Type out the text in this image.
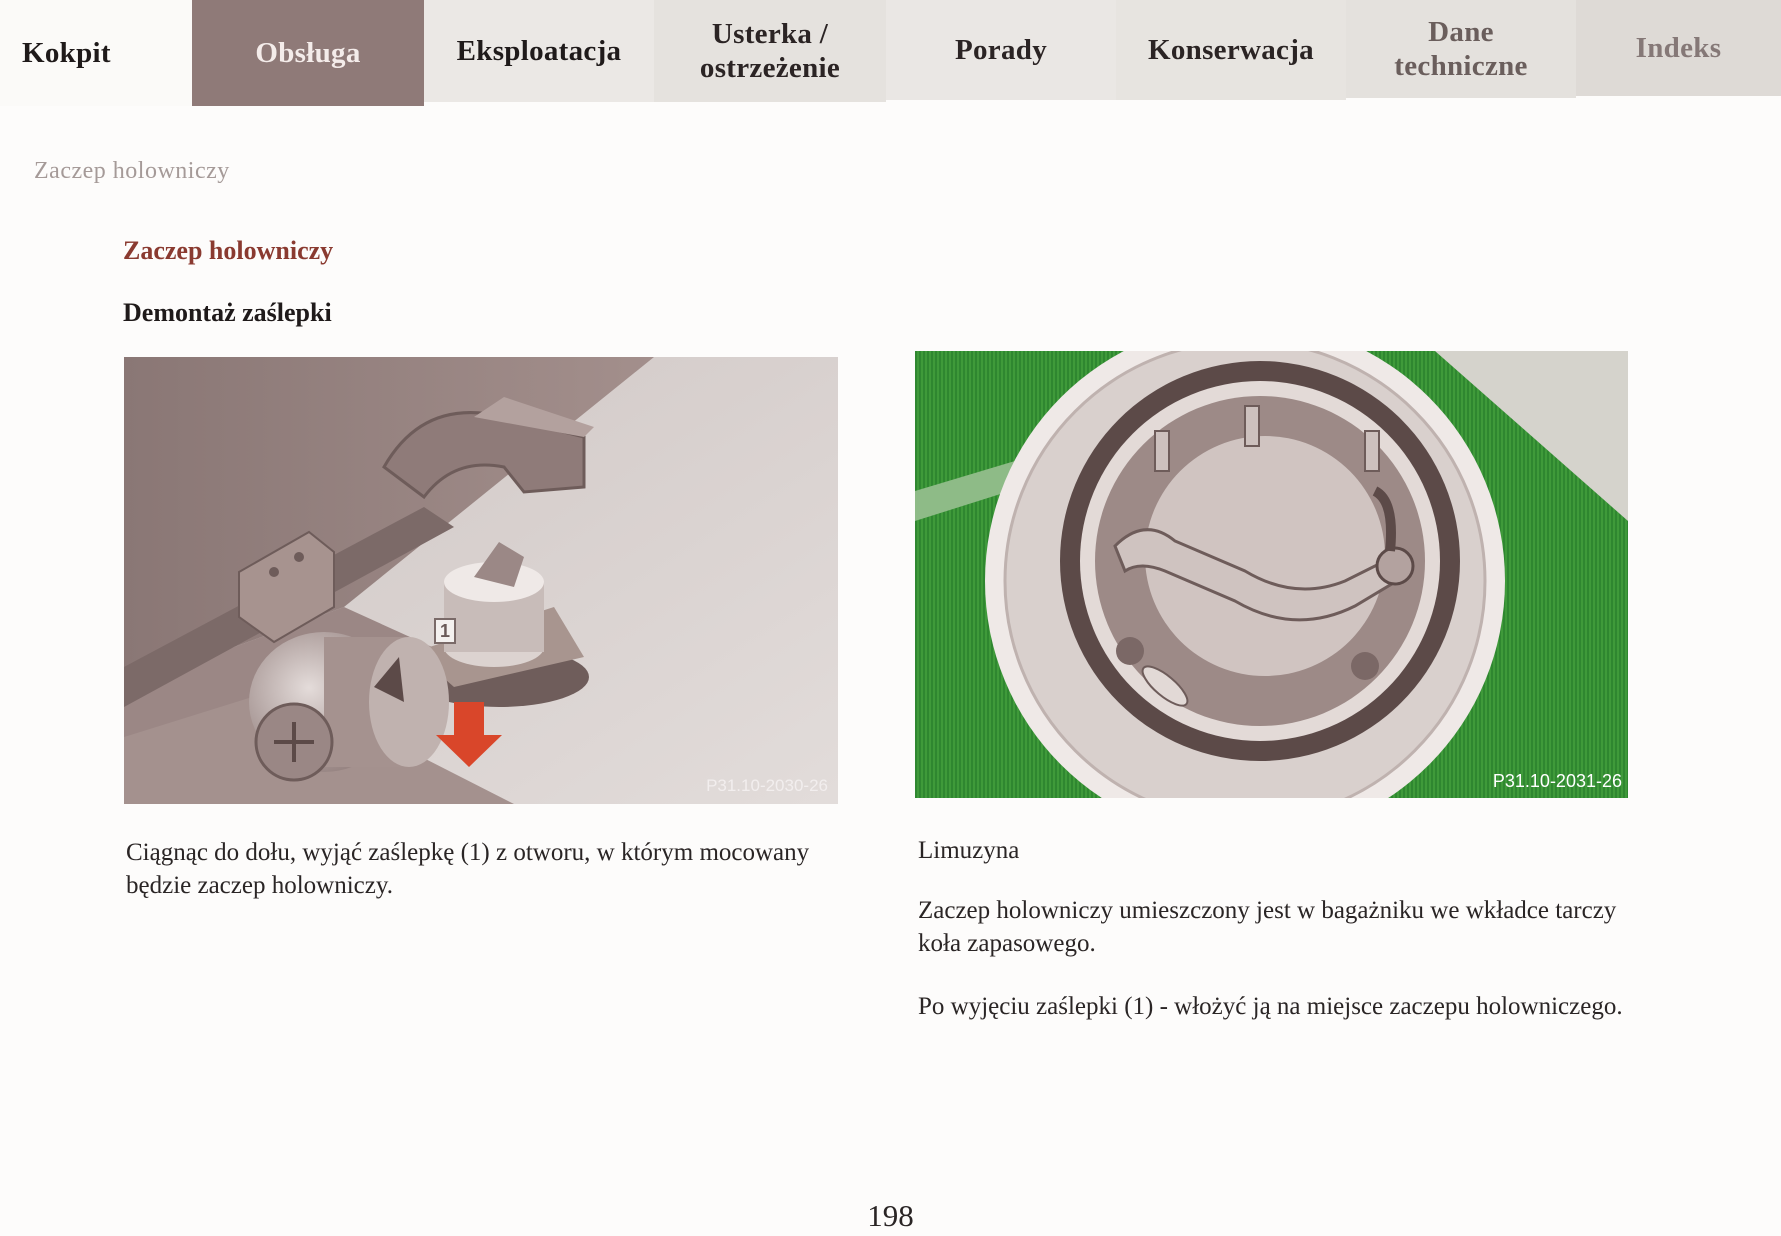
Kokpit	Obsługa	Eksploatacja
Usterka / ostrzeżenie
Porady	Konserwacja
Dane techniczne
Indeks
Zaczep holowniczy
Zaczep holowniczy
Demontaż zaślepki
1
P31.10-2030-26	P31.10-2031-26
Ciągnąc do dołu, wyjąć zaślepkę (1) z otworu, w którym mocowany będzie zaczep holowniczy.
Limuzyna
Zaczep holowniczy umieszczony jest w bagażniku we wkładce tarczy koła zapasowego.
Po wyjęciu zaślepki (1) - włożyć ją na miejsce zaczepu holowniczego.
198
